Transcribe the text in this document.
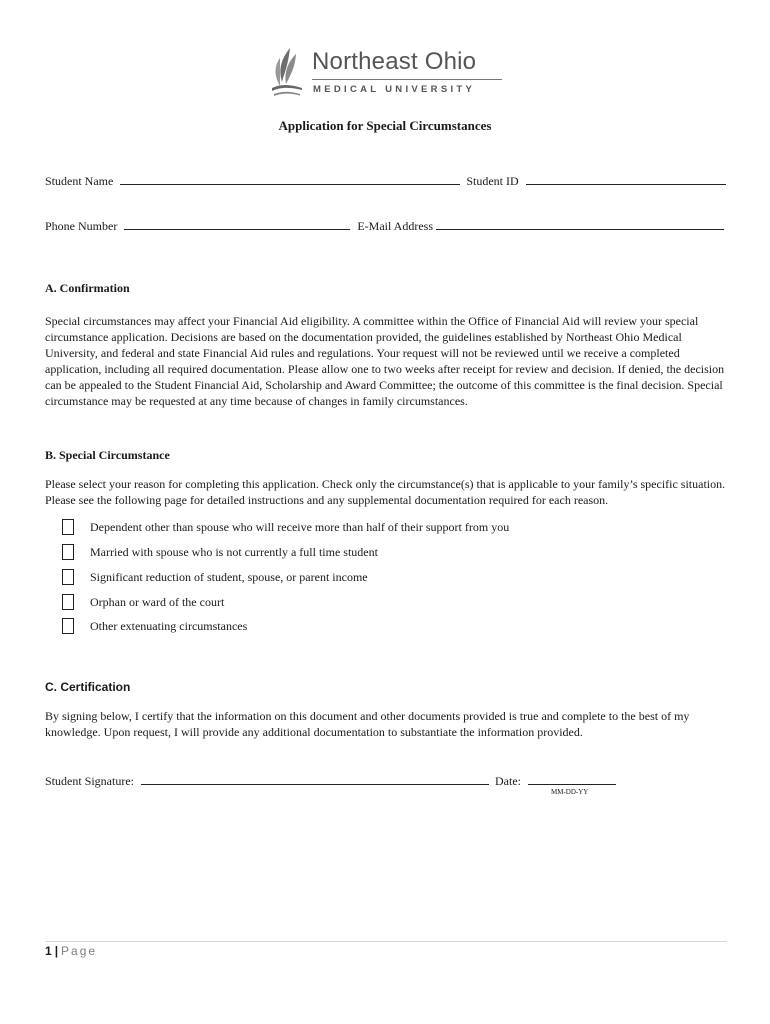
Northeast Ohio
MEDICAL UNIVERSITY
Application for Special Circumstances
Student Name	Student ID
Phone Number	E-Mail Address
A. Confirmation
Special circumstances may affect your Financial Aid eligibility. A committee within the Office of Financial Aid will review your special circumstance application. Decisions are based on the documentation provided, the guidelines established by Northeast Ohio Medical University, and federal and state Financial Aid rules and regulations. Your request will not be reviewed until we receive a completed application, including all required documentation. Please allow one to two weeks after receipt for review and decision. If denied, the decision can be appealed to the Student Financial Aid, Scholarship and Award Committee; the outcome of this committee is the final decision. Special circumstance may be requested at any time because of changes in family circumstances.
B. Special Circumstance
Please select your reason for completing this application. Check only the circumstance(s) that is applicable to your family’s specific situation. Please see the following page for detailed instructions and any supplemental documentation required for each reason.
Dependent other than spouse who will receive more than half of their support from you
Married with spouse who is not currently a full time student
Significant reduction of student, spouse, or parent income
Orphan or ward of the court
Other extenuating circumstances
C. Certification
By signing below, I certify that the information on this document and other documents provided is true and complete to the best of my knowledge. Upon request, I will provide any additional documentation to substantiate the information provided.
Student Signature:	Date:
MM-DD-YY
1 | Page
